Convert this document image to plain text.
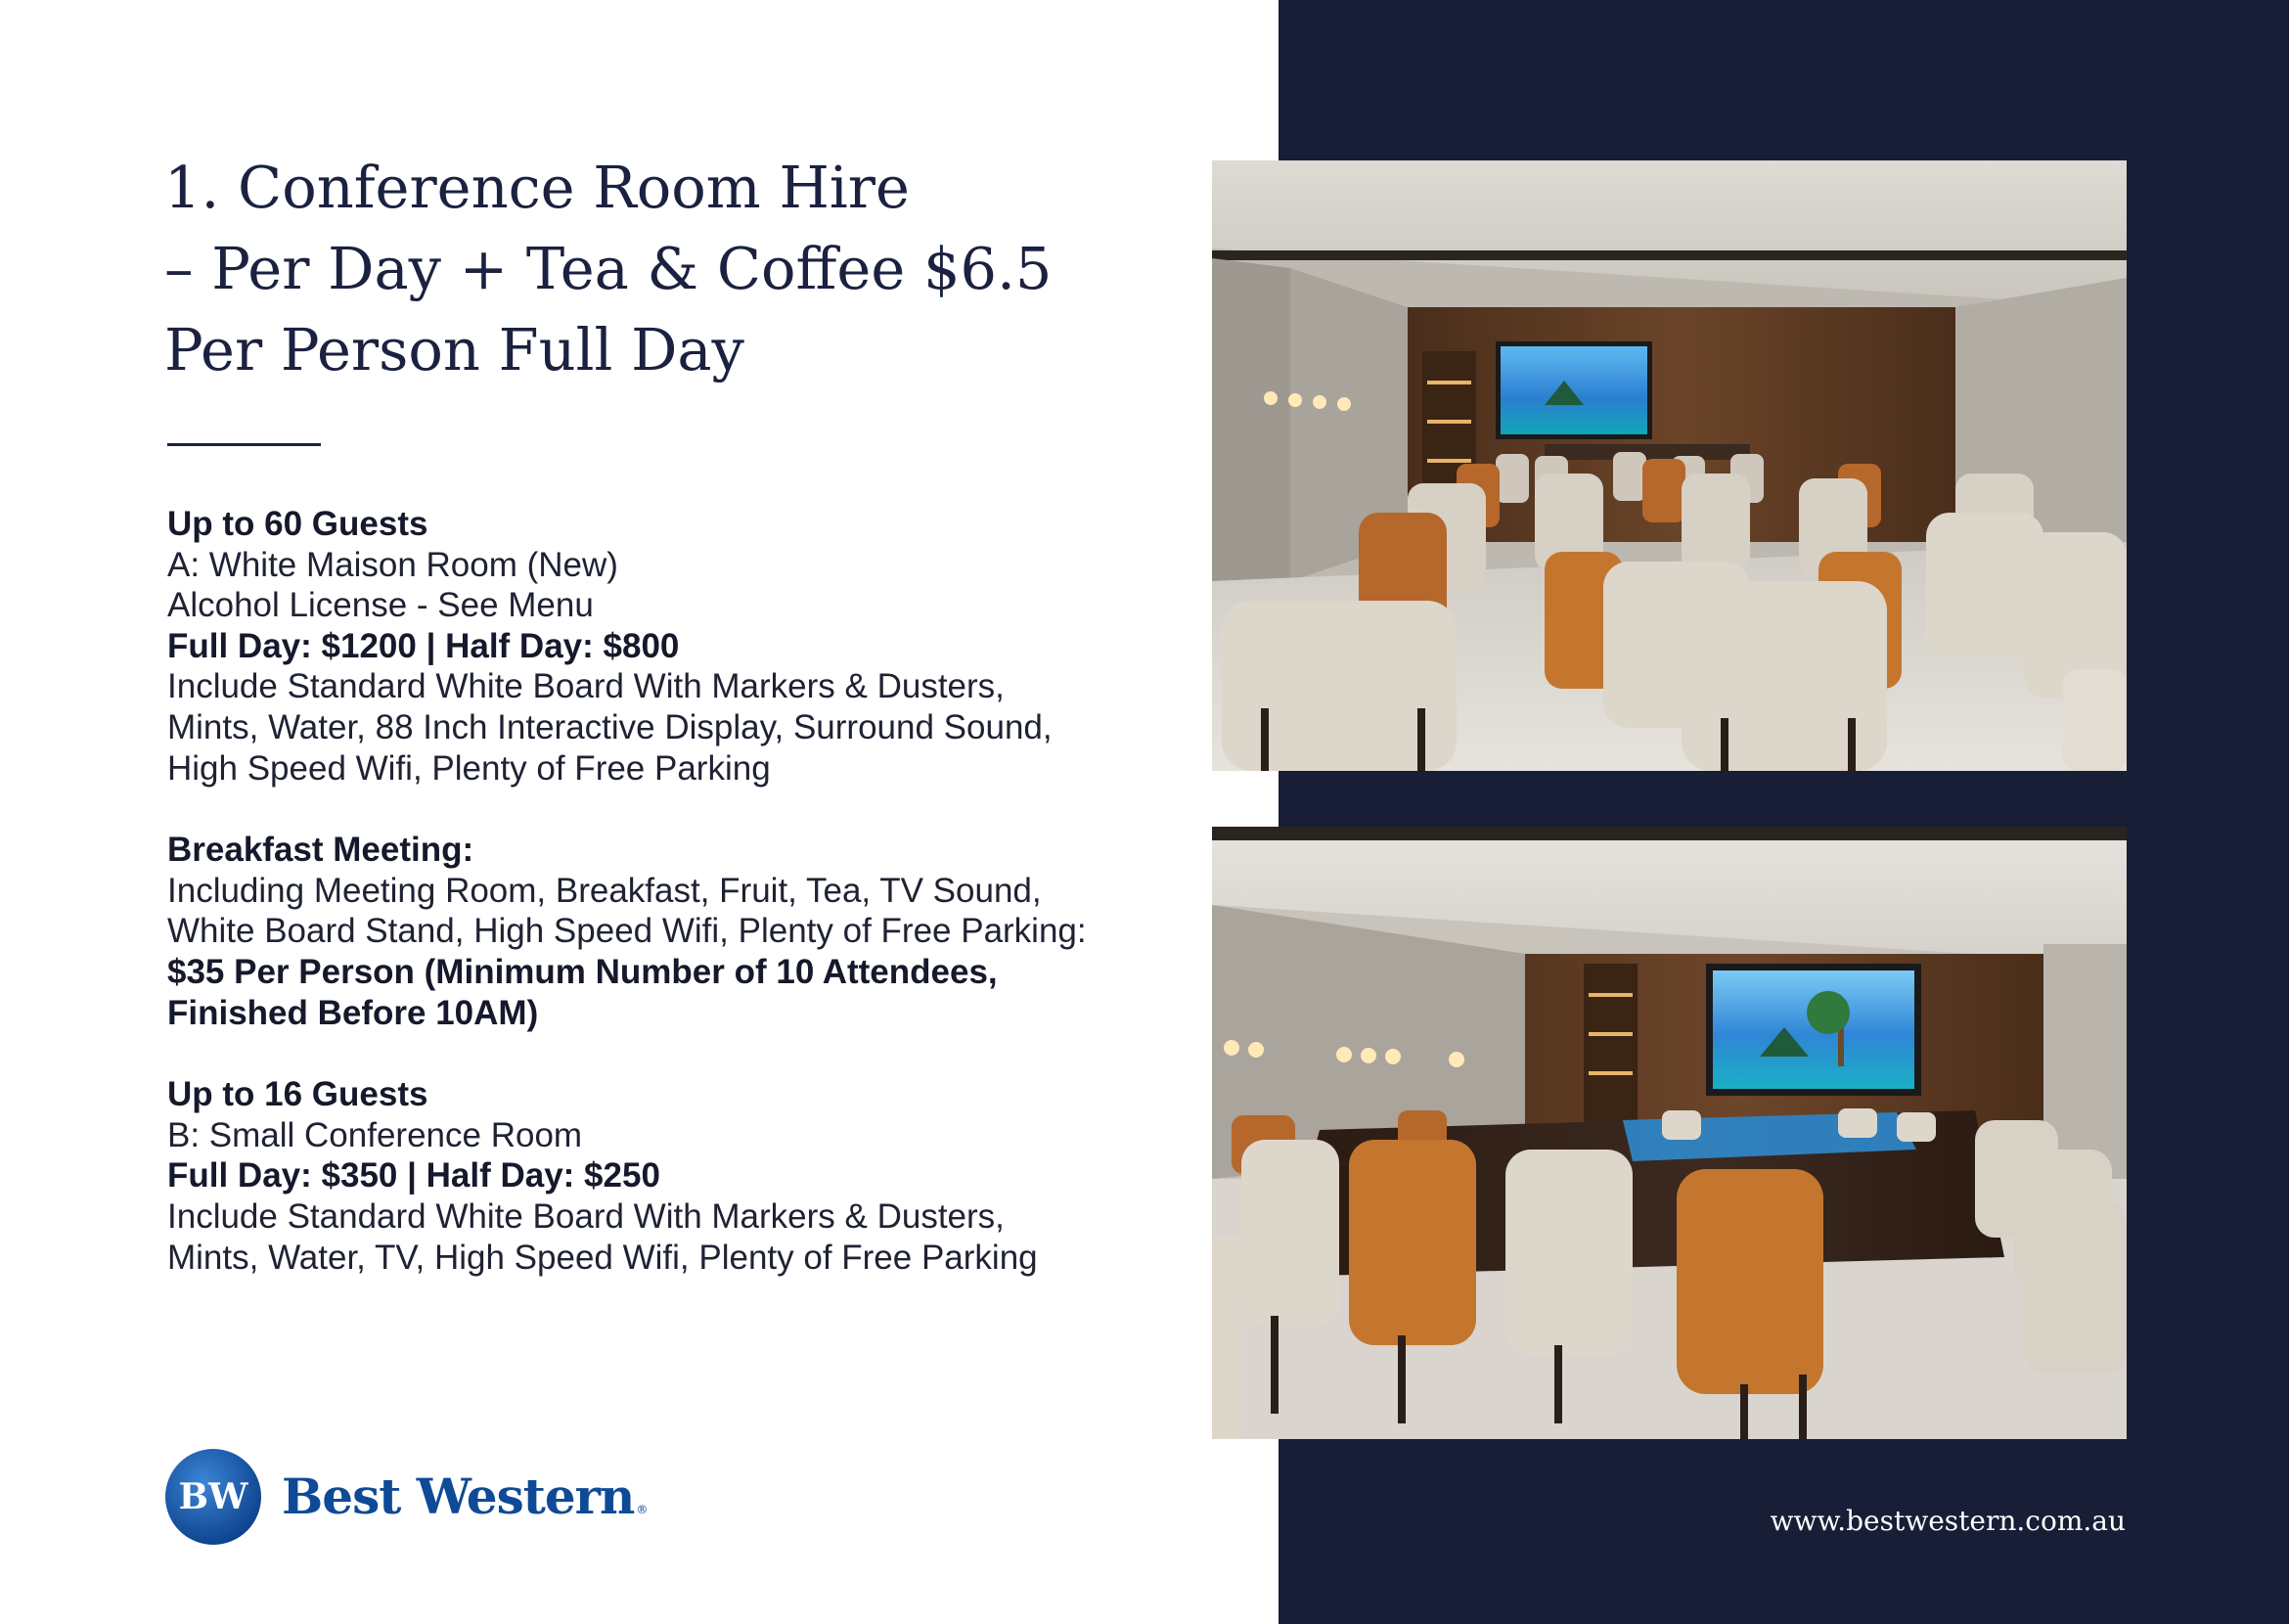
1. Conference Room Hire
– Per Day + Tea & Coffee $6.5
Per Person Full Day
Up to 60 Guests
A: White Maison Room (New)
Alcohol License - See Menu
Full Day: $1200 | Half Day: $800
Include Standard White Board With Markers & Dusters,
Mints, Water, 88 Inch Interactive Display, Surround Sound,
High Speed Wifi, Plenty of Free Parking
Breakfast Meeting:
Including Meeting Room, Breakfast, Fruit, Tea, TV Sound,
White Board Stand, High Speed Wifi, Plenty of Free Parking:
$35 Per Person (Minimum Number of 10 Attendees,
Finished Before 10AM)
Up to 16 Guests
B: Small Conference Room
Full Day: $350 | Half Day: $250
Include Standard White Board With Markers & Dusters,
Mints, Water, TV, High Speed Wifi, Plenty of Free Parking
BW Best Western ®	www.bestwestern.com.au
